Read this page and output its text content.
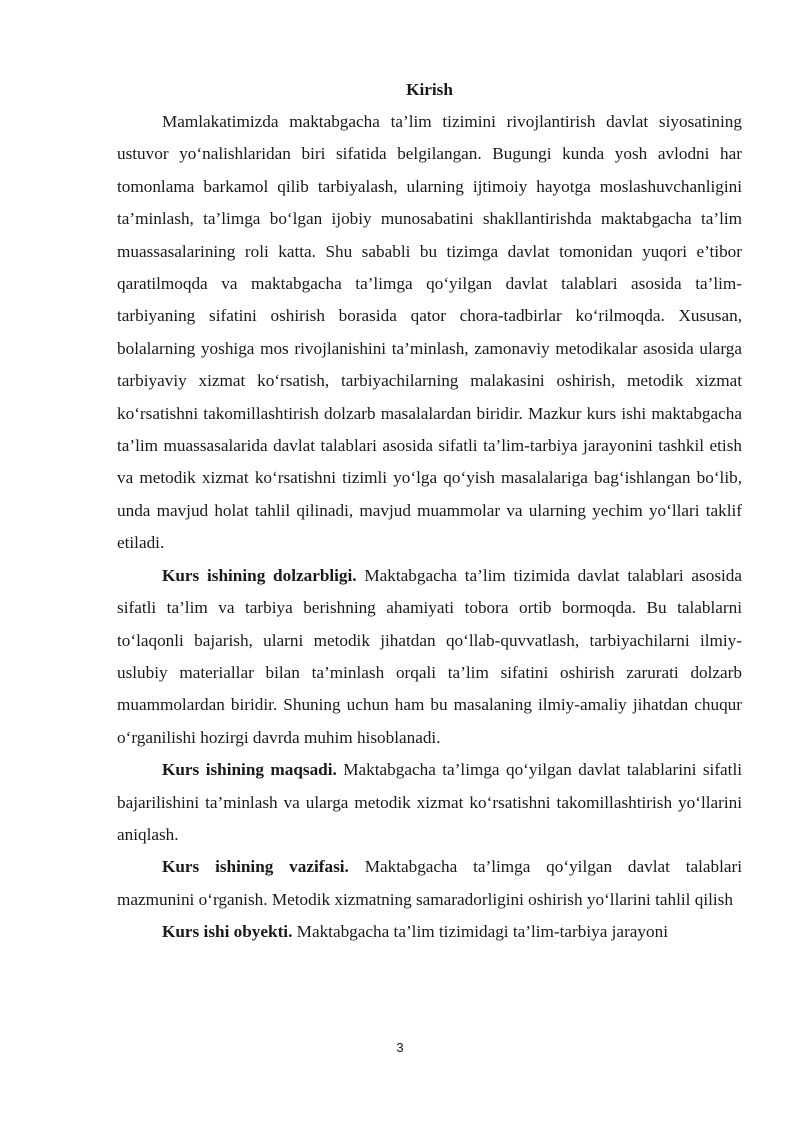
Kirish

Mamlakatimizda maktabgacha ta’lim tizimini rivojlantirish davlat siyosatining ustuvor yo‘nalishlaridan biri sifatida belgilangan. Bugungi kunda yosh avlodni har tomonlama barkamol qilib tarbiyalash, ularning ijtimoiy hayotga moslashuvchanligini ta’minlash, ta’limga bo‘lgan ijobiy munosabatini shakllantirishda maktabgacha ta’lim muassasalarining roli katta. Shu sababli bu tizimga davlat tomonidan yuqori e’tibor qaratilmoqda va maktabgacha ta’limga qo‘yilgan davlat talablari asosida ta’lim-tarbiyaning sifatini oshirish borasida qator chora-tadbirlar ko‘rilmoqda. Xususan, bolalarning yoshiga mos rivojlanishini ta’minlash, zamonaviy metodikalar asosida ularga tarbiyaviy xizmat ko‘rsatish, tarbiyachilarning malakasini oshirish, metodik xizmat ko‘rsatishni takomillashtirish dolzarb masalalardan biridir. Mazkur kurs ishi maktabgacha ta’lim muassasalarida davlat talablari asosida sifatli ta’lim-tarbiya jarayonini tashkil etish va metodik xizmat ko‘rsatishni tizimli yo‘lga qo‘yish masalalariga bag‘ishlangan bo‘lib, unda mavjud holat tahlil qilinadi, mavjud muammolar va ularning yechim yo‘llari taklif etiladi.

Kurs ishining dolzarbligi. Maktabgacha ta’lim tizimida davlat talablari asosida sifatli ta’lim va tarbiya berishning ahamiyati tobora ortib bormoqda. Bu talablarni to‘laqonli bajarish, ularni metodik jihatdan qo‘llab-quvvatlash, tarbiyachilarni ilmiy-uslubiy materiallar bilan ta’minlash orqali ta’lim sifatini oshirish zarurati dolzarb muammolardan biridir. Shuning uchun ham bu masalaning ilmiy-amaliy jihatdan chuqur o‘rganilishi hozirgi davrda muhim hisoblanadi.

Kurs ishining maqsadi. Maktabgacha ta’limga qo‘yilgan davlat talablarini sifatli bajarilishini ta’minlash va ularga metodik xizmat ko‘rsatishni takomillashtirish yo‘llarini aniqlash.

Kurs ishining vazifasi. Maktabgacha ta’limga qo‘yilgan davlat talablari mazmunini o‘rganish. Metodik xizmatning samaradorligini oshirish yo‘llarini tahlil qilish

Kurs ishi obyekti. Maktabgacha ta’lim tizimidagi ta’lim-tarbiya jarayoni

3
